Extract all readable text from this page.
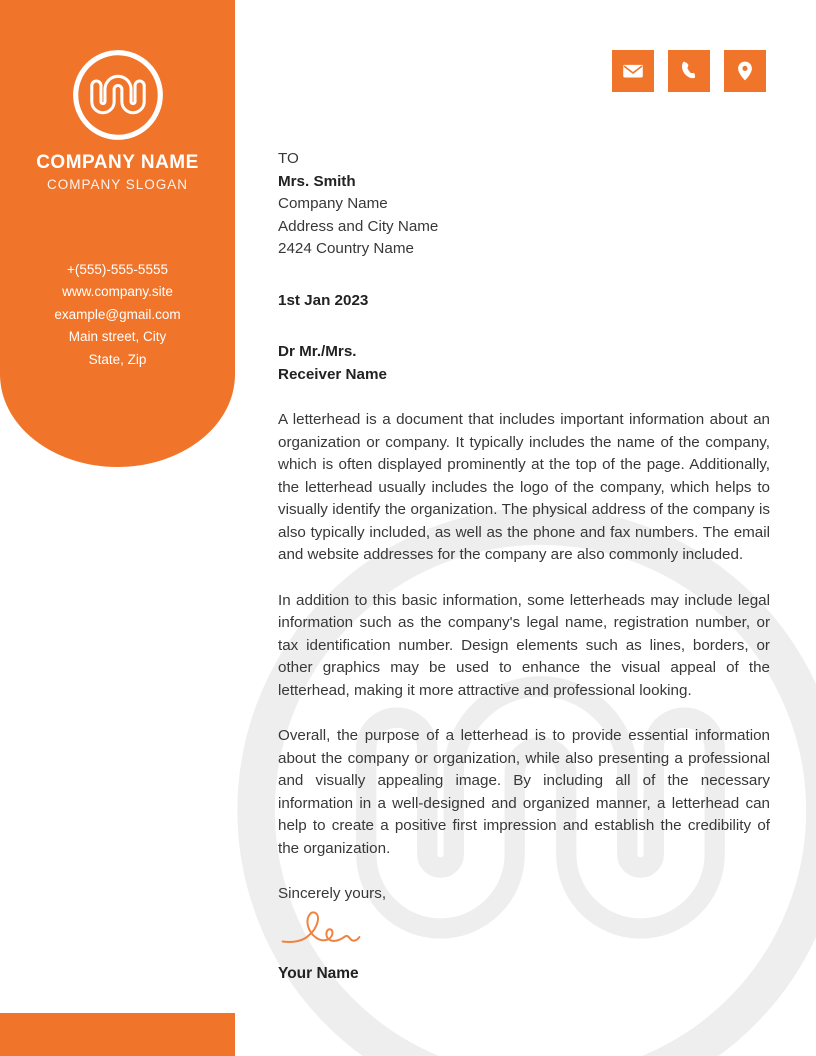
COMPANY NAME
COMPANY SLOGAN
+(555)-555-5555
www.company.site
example@gmail.com
Main street, City
State, Zip
TO
Mrs. Smith
Company Name
Address and City Name
2424 Country Name
1st Jan 2023
Dr Mr./Mrs.
Receiver Name

A letterhead is a document that includes important information about an organization or company. It typically includes the name of the company, which is often displayed prominently at the top of the page. Additionally, the letterhead usually includes the logo of the company, which helps to visually identify the organization. The physical address of the company is also typically included, as well as the phone and fax numbers. The email and website addresses for the company are also commonly included.

In addition to this basic information, some letterheads may include legal information such as the company's legal name, registration number, or tax identification number. Design elements such as lines, borders, or other graphics may be used to enhance the visual appeal of the letterhead, making it more attractive and professional looking.

Overall, the purpose of a letterhead is to provide essential information about the company or organization, while also presenting a professional and visually appealing image. By including all of the necessary information in a well-designed and organized manner, a letterhead can help to create a positive first impression and establish the credibility of the organization.

Sincerely yours,
Your Name
